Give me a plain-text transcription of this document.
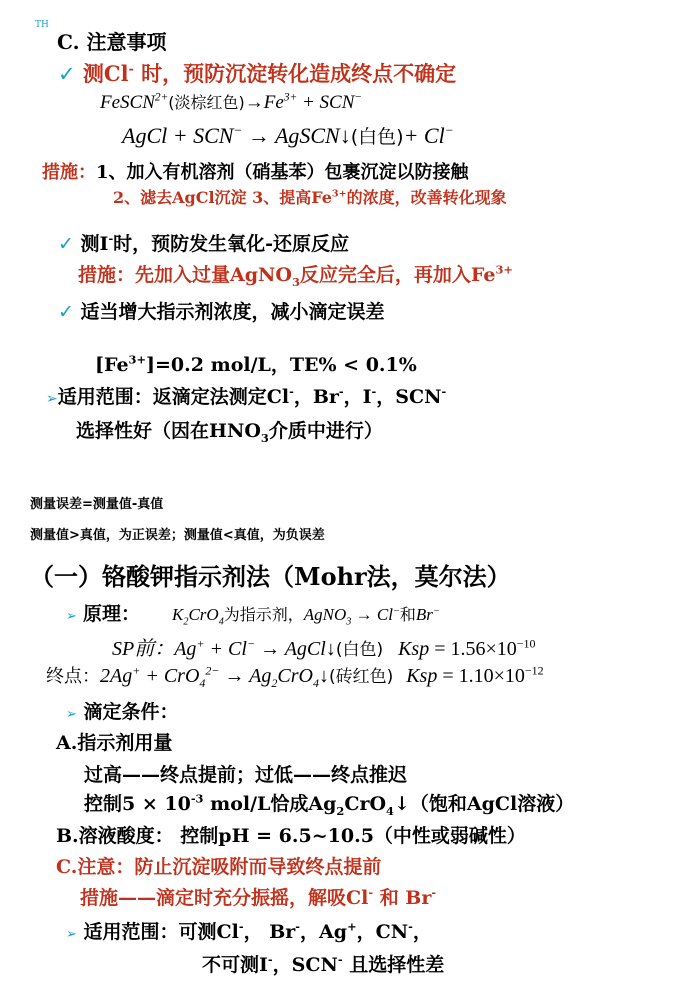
TH
C. 注意事项
✓ 测Cl- 时，预防沉淀转化造成终点不确定
FeSCN$^{2+}$(淡棕红色)$\to Fe^{3+} + SCN^-$
AgCl + SCN− → AgSCN↓(白色)+ Cl−
措施：1、加入有机溶剂（硝基苯）包裹沉淀以防接触
2、滤去AgCl沉淀 3、提高$Fe^{3+}$的浓度，改善转化现象
✓ 测I-时，预防发生氧化-还原反应
措施：先加入过量AgNO$_3$反应完全后，再加入$Fe^{3+}$
✓ 适当增大指示剂浓度，减小滴定误差
$[Fe^{3+}]=0.2$ mol/L，TE% < 0.1%
➢适用范围：返滴定法测定Cl-，Br-，I-，SCN-
选择性好（因在$HNO_3$介质中进行）
测量误差=测量值-真值
测量值>真值，为正误差；测量值<真值，为负误差
（一）铬酸钾指示剂法（Mohr法，莫尔法）
➢ 原理： $K_2CrO_4$为指示剂，AgNO$_3$ → Cl−和Br−
SP前：Ag+ + Cl− → AgCl↓(白色) Ksp = $1.56\times 10^{-10}$
终点：$2Ag^+ + CrO_4^{2-} \to Ag_2CrO_4↓$(砖红色) Ksp = $1.10\times 10^{-12}$
➢ 滴定条件：
A.指示剂用量
过高——终点提前；过低——终点推迟
控制$5 \times 10^{-3}$ mol/L恰成$Ag_2CrO_4↓$（饱和AgCl溶液）
B.溶液酸度： 控制pH = 6.5~10.5（中性或弱碱性）
C.注意：防止沉淀吸附而导致终点提前
措施——滴定时充分振摇，解吸Cl- 和 Br-
➢ 适用范围：可测Cl-， Br-，Ag+，CN-，
不可测I-，SCN- 且选择性差
